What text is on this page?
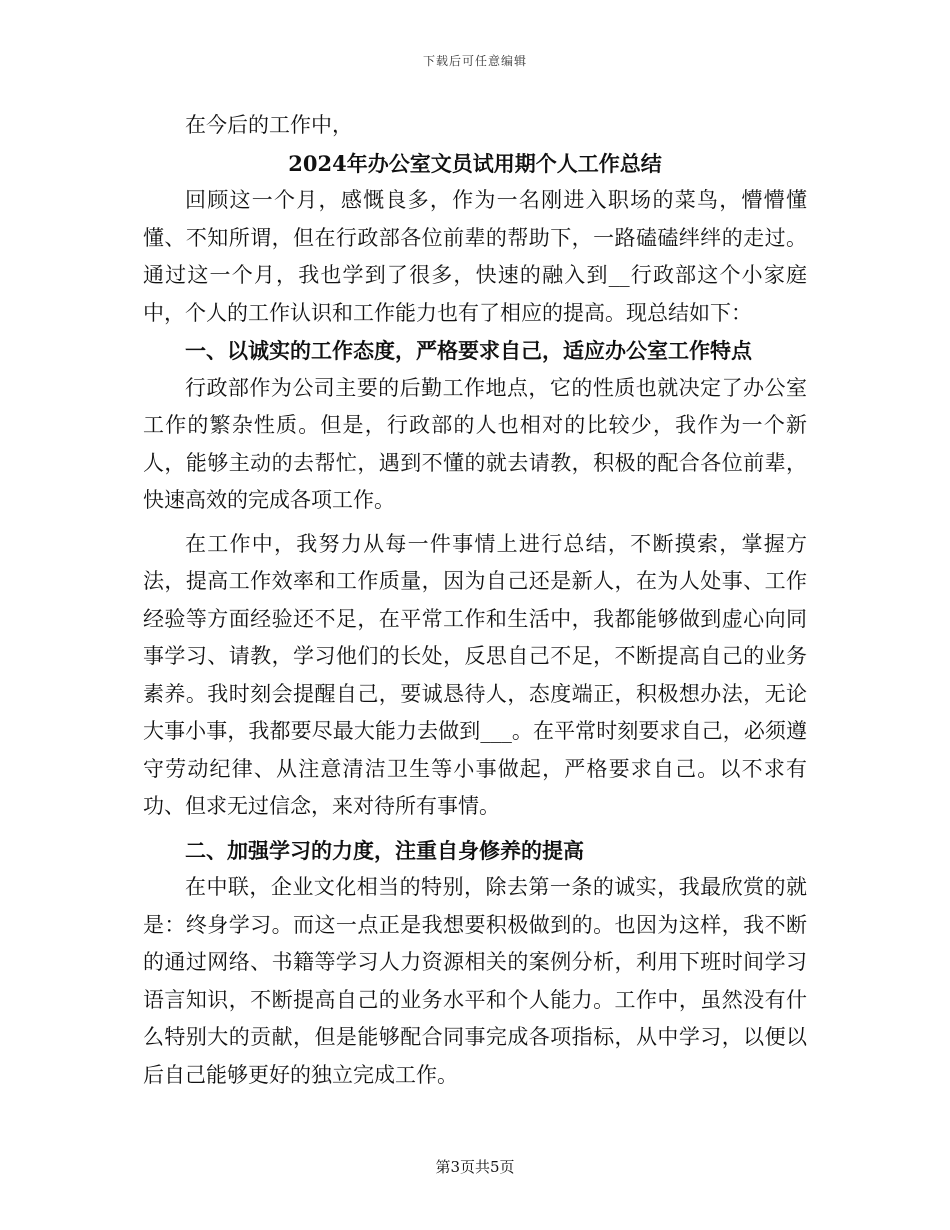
下载后可任意编辑

在今后的工作中，

2024年办公室文员试用期个人工作总结

回顾这一个月，感慨良多，作为一名刚进入职场的菜鸟，懵懵懂懂、不知所谓，但在行政部各位前辈的帮助下，一路磕磕绊绊的走过。通过这一个月，我也学到了很多，快速的融入到__行政部这个小家庭中，个人的工作认识和工作能力也有了相应的提高。现总结如下：

一、以诚实的工作态度，严格要求自己，适应办公室工作特点

行政部作为公司主要的后勤工作地点，它的性质也就决定了办公室工作的繁杂性质。但是，行政部的人也相对的比较少，我作为一个新人，能够主动的去帮忙，遇到不懂的就去请教，积极的配合各位前辈，快速高效的完成各项工作。

在工作中，我努力从每一件事情上进行总结，不断摸索，掌握方法，提高工作效率和工作质量，因为自己还是新人，在为人处事、工作经验等方面经验还不足，在平常工作和生活中，我都能够做到虚心向同事学习、请教，学习他们的长处，反思自己不足，不断提高自己的业务素养。我时刻会提醒自己，要诚恳待人，态度端正，积极想办法，无论大事小事，我都要尽最大能力去做到___。在平常时刻要求自己，必须遵守劳动纪律、从注意清洁卫生等小事做起，严格要求自己。以不求有功、但求无过信念，来对待所有事情。

二、加强学习的力度，注重自身修养的提高

在中联，企业文化相当的特别，除去第一条的诚实，我最欣赏的就是：终身学习。而这一点正是我想要积极做到的。也因为这样，我不断的通过网络、书籍等学习人力资源相关的案例分析，利用下班时间学习语言知识，不断提高自己的业务水平和个人能力。工作中，虽然没有什么特别大的贡献，但是能够配合同事完成各项指标，从中学习，以便以后自己能够更好的独立完成工作。

第3页共5页
